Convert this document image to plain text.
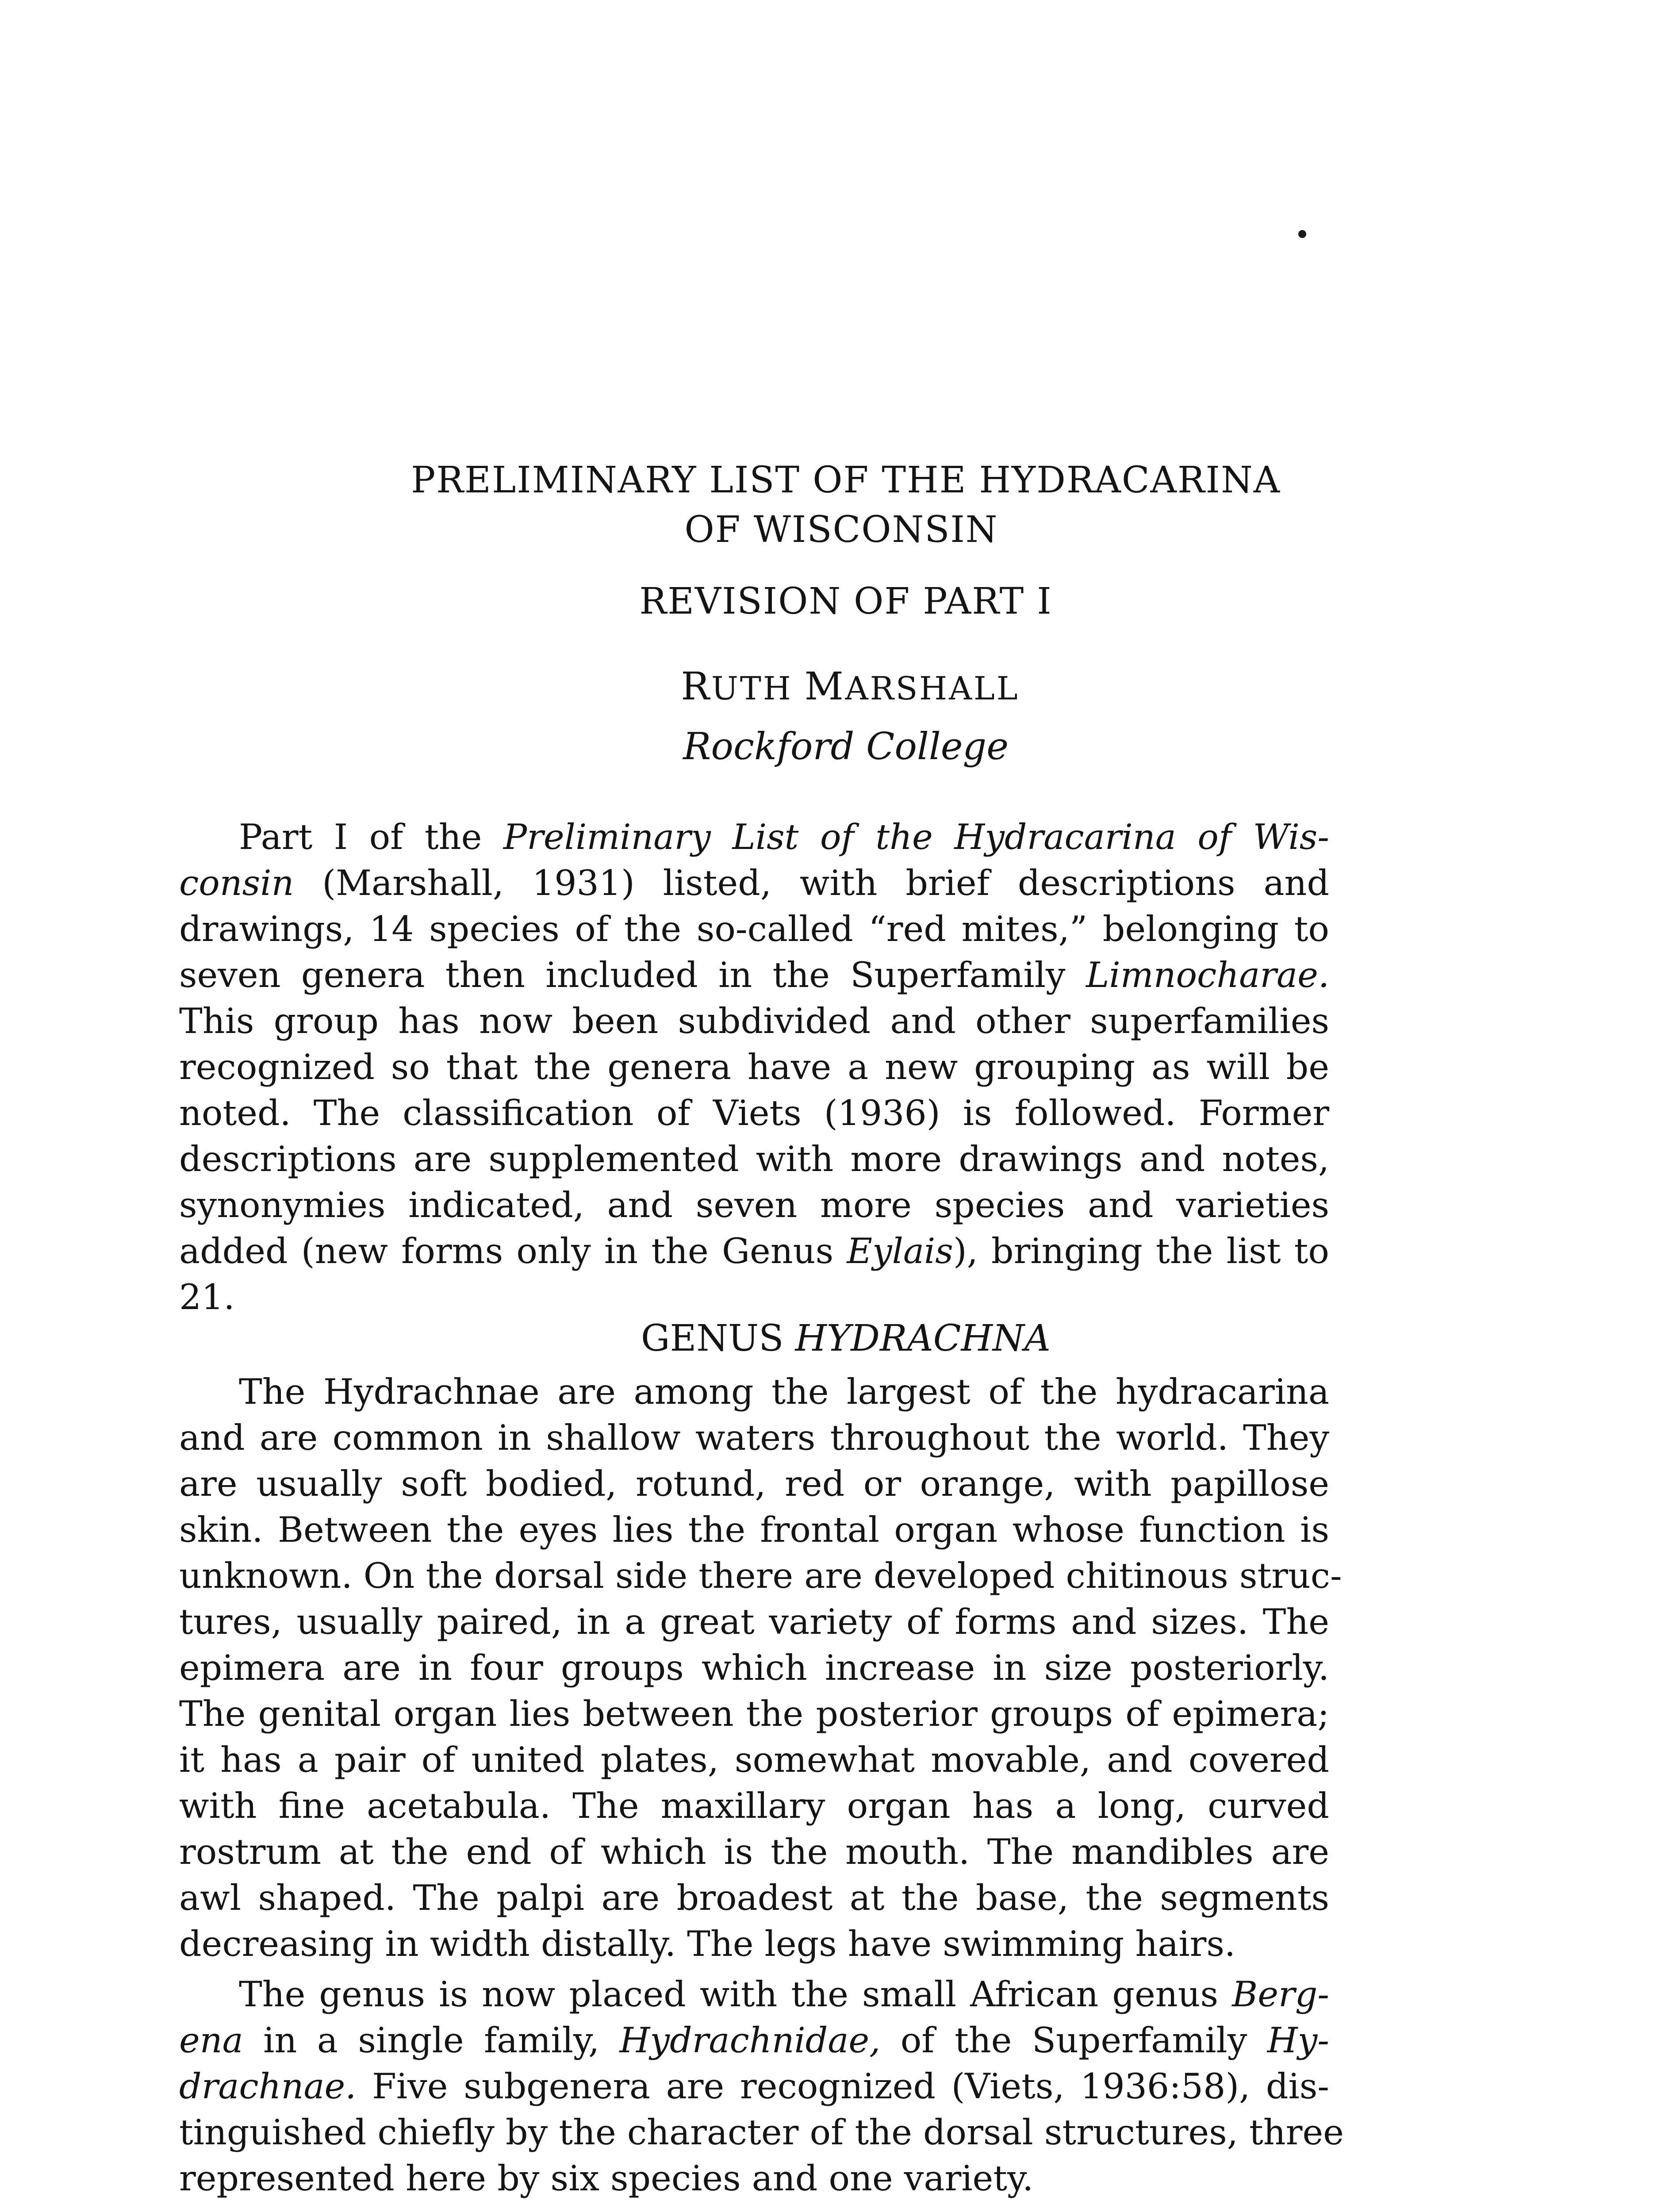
PRELIMINARY LIST OF THE HYDRACARINA
OF WISCONSIN
REVISION OF PART I
RUTH MARSHALL
Rockford College
Part I of the Preliminary List of the Hydracarina of Wis-
consin (Marshall, 1931) listed, with brief descriptions and
drawings, 14 species of the so-called “red mites,” belonging to
seven genera then included in the Superfamily Limnocharae.
This group has now been subdivided and other superfamilies
recognized so that the genera have a new grouping as will be
noted. The classification of Viets (1936) is followed. Former
descriptions are supplemented with more drawings and notes,
synonymies indicated, and seven more species and varieties
added (new forms only in the Genus Eylais), bringing the list to
21.
GENUS HYDRACHNA
The Hydrachnae are among the largest of the hydracarina
and are common in shallow waters throughout the world. They
are usually soft bodied, rotund, red or orange, with papillose
skin. Between the eyes lies the frontal organ whose function is
unknown. On the dorsal side there are developed chitinous struc-
tures, usually paired, in a great variety of forms and sizes. The
epimera are in four groups which increase in size posteriorly.
The genital organ lies between the posterior groups of epimera;
it has a pair of united plates, somewhat movable, and covered
with fine acetabula. The maxillary organ has a long, curved
rostrum at the end of which is the mouth. The mandibles are
awl shaped. The palpi are broadest at the base, the segments
decreasing in width distally. The legs have swimming hairs.
The genus is now placed with the small African genus Berg-
ena in a single family, Hydrachnidae, of the Superfamily Hy-
drachnae. Five subgenera are recognized (Viets, 1936:58), dis-
tinguished chiefly by the character of the dorsal structures, three
represented here by six species and one variety.
